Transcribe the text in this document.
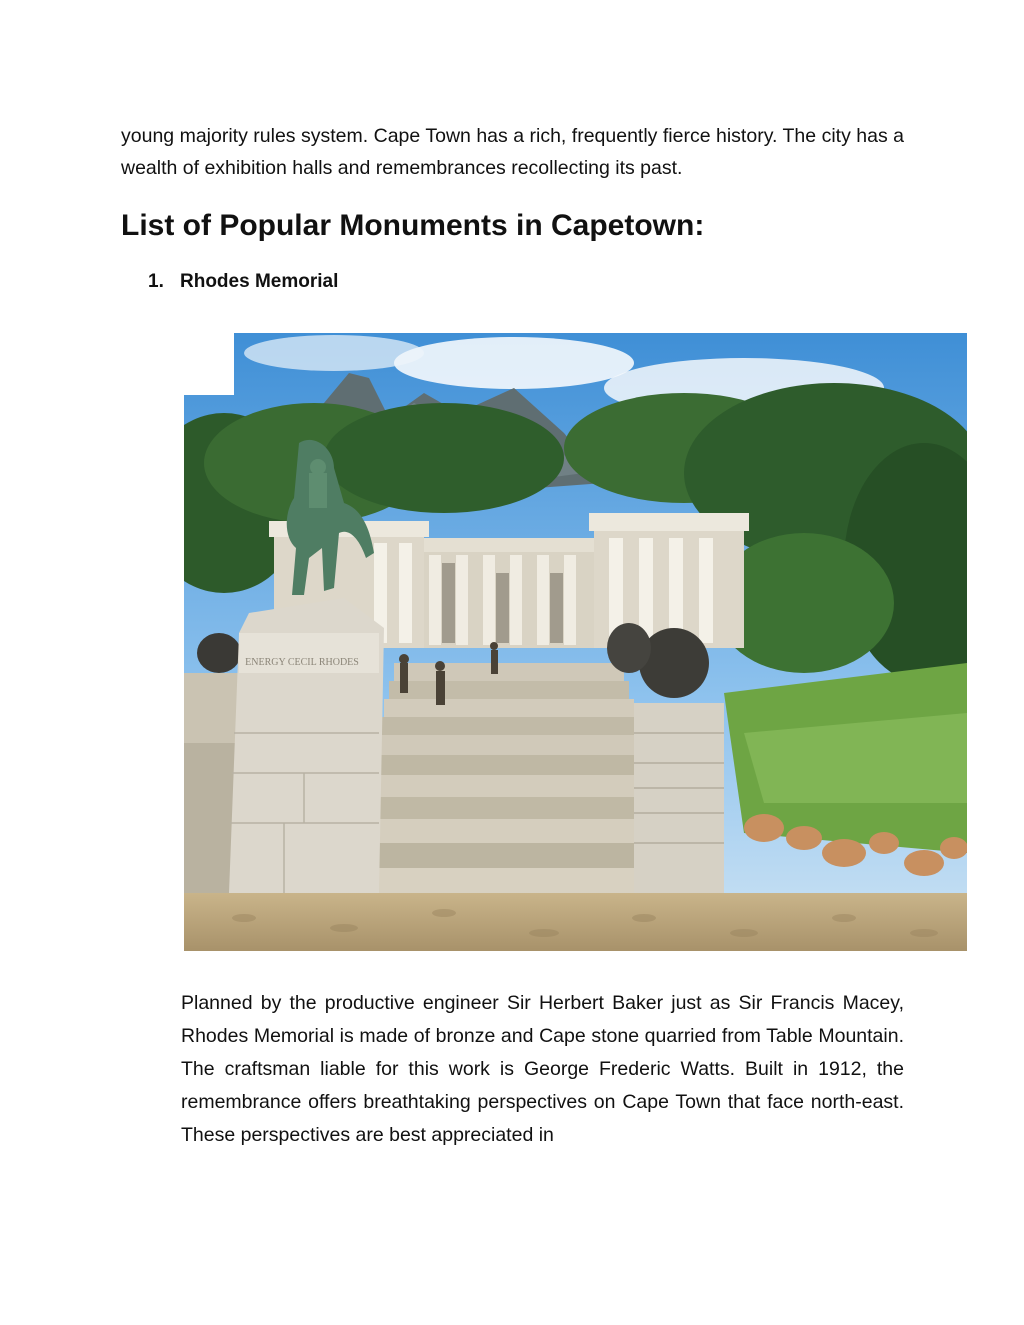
young majority rules system. Cape Town has a rich, frequently fierce history. The city has a wealth of exhibition halls and remembrances recollecting its past.

List of Popular Monuments in Capetown:
1. Rhodes Memorial
ENERGY CECIL RHODES

Planned by the productive engineer Sir Herbert Baker just as Sir Francis Macey, Rhodes Memorial is made of bronze and Cape stone quarried from Table Mountain. The craftsman liable for this work is George Frederic Watts. Built in 1912, the remembrance offers breathtaking perspectives on Cape Town that face north-east. These perspectives are best appreciated in
